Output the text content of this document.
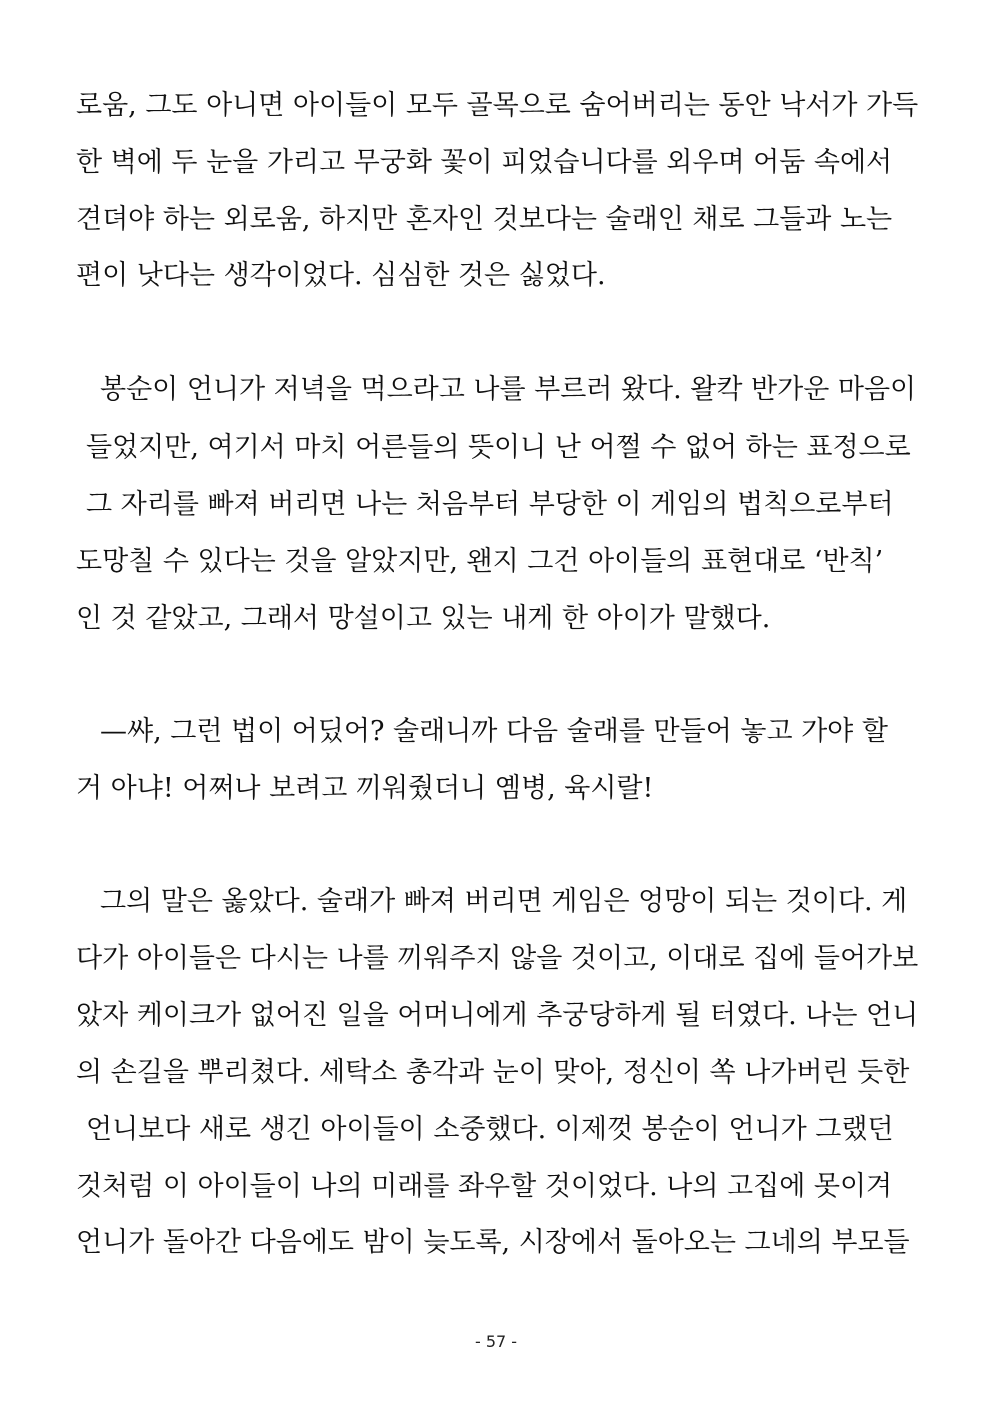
로움, 그도 아니면 아이들이 모두 골목으로 숨어버리는 동안 낙서가 가득
한 벽에 두 눈을 가리고 무궁화 꽃이 피었습니다를 외우며 어둠 속에서
견뎌야 하는 외로움, 하지만 혼자인 것보다는 술래인 채로 그들과 노는
편이 낫다는 생각이었다. 심심한 것은 싫었다.
봉순이 언니가 저녁을 먹으라고 나를 부르러 왔다. 왈칵 반가운 마음이
들었지만, 여기서 마치 어른들의 뜻이니 난 어쩔 수 없어 하는 표정으로
그 자리를 빠져 버리면 나는 처음부터 부당한 이 게임의 법칙으로부터
도망칠 수 있다는 것을 알았지만, 왠지 그건 아이들의 표현대로 ‘반칙’
인 것 같았고, 그래서 망설이고 있는 내게 한 아이가 말했다.
—쌰, 그런 법이 어딨어? 술래니까 다음 술래를 만들어 놓고 가야 할
거 아냐! 어쩌나 보려고 끼워줬더니 옘병, 육시랄!
그의 말은 옳았다. 술래가 빠져 버리면 게임은 엉망이 되는 것이다. 게
다가 아이들은 다시는 나를 끼워주지 않을 것이고, 이대로 집에 들어가보
았자 케이크가 없어진 일을 어머니에게 추궁당하게 될 터였다. 나는 언니
의 손길을 뿌리쳤다. 세탁소 총각과 눈이 맞아, 정신이 쏙 나가버린 듯한
언니보다 새로 생긴 아이들이 소중했다. 이제껏 봉순이 언니가 그랬던
것처럼 이 아이들이 나의 미래를 좌우할 것이었다. 나의 고집에 못이겨
언니가 돌아간 다음에도 밤이 늦도록, 시장에서 돌아오는 그네의 부모들
- 57 -
